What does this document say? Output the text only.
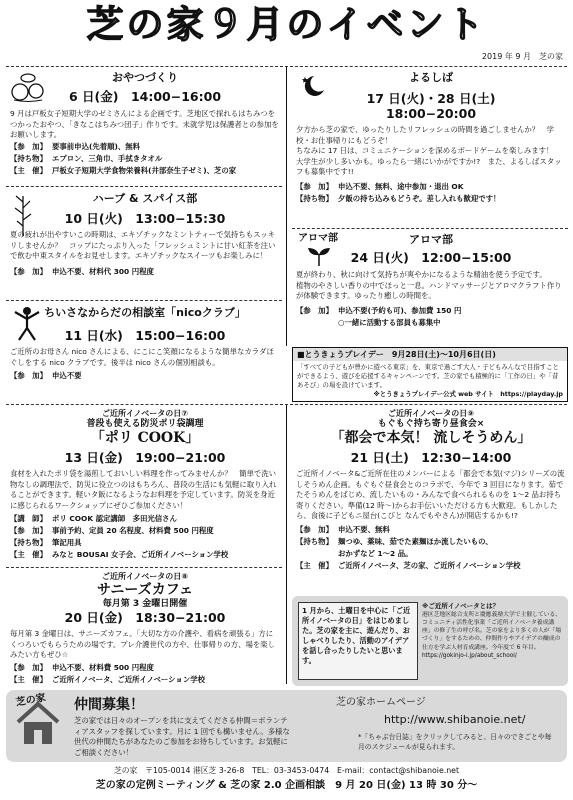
芝の家９月のイベント
2019 年 9 月　芝の家
おやつづくり
6 日(金)　14:00−16:00

9 月は戸板女子短期大学のゼミさんによる企画です。芝地区で採れるはちみつをつかったおやつ、「きなこはちみつ団子」作りです。未就学児は保護者との参加をお願いします。

【参　加】 要事前申込(先着順)、無料
【持ち物】 エプロン、三角巾、手拭きタオル
【主　催】 戸板女子短期大学食物栄養科(井部奈生子ゼミ)、芝の家
ハーブ & スパイス部
10 日(火)　13:00−15:30

夏の疲れが出やすいこの時期は、エキゾチックなミントティーで気持ちもスッキリしませんか？　コップにたっぷり入った「フレッシュミントに甘い紅茶を注いで飲む中東スタイルをお見せします。エキゾチックなスイーツもお楽しみに！

【参　加】 申込不要、材料代 300 円程度
ちいさなからだの相談室「nicoクラブ」
11 日(水)　15:00−16:00

ご近所のお母さん nico さんによる、にこにこ笑顔になるような簡単なカラダほぐしをする nico クラブです。後半は nico さんの個別相談も。

【参　加】 申込不要
よるしば
17 日(火)・28 日(土)
18:00−20:00

夕方から芝の家で、ゆったりしたリフレッシュの時間を過ごしませんか？　学校・お仕事帰りにもどうぞ！

ちなみに 17 日は、コミュニケーションを深めるボードゲームを楽しみます！　大学生が少し多いかも。ゆったら一緒にいかがですか!?　また、よるしばスタッフも募集中です!!

【参　加】 申込不要、無料、途中参加・退出 OK
【持ち物】 夕飯の持ち込みもどうぞ。差し入れも歓迎です！
アロマ部	アロマ部
24 日(火)　12:00−15:00

夏が終わり、秋に向けて気持ちが爽やかになるような精油を使う予定です。

植物のやさしい香りの中でほっと一息。ハンドマッサージとアロマクラフト作りが体験できます。ゆったり癒しの時間を。

【参　加】 申込不要(予約も可)、参加費 150 円
○一緒に活動する部員も募集中
■とうきょうプレイデー　9月28日(土)〜10月6日(日)

「すべての子どもが豊かに遊べる東京」を、東京で過ごす大人・子どもみんなで目指すことができるよう、遊びを応援するキャンペーンです。芝の家でも積極的に「工作の日」や「昔あそび」の場を設けています。

※とうきょうプレイデー公式 web サイト　https://playday.jp

ご近所イノベータの日⑦
普段も使える防災ポリ袋調理
「ポリ COOK」
13 日(金)　19:00−21:00

食材を入れたポリ袋を湯煎しておいしい料理を作ってみませんか？　簡単で洗い物なしの調理法で、防災に役立つのはもちろん、普段の生活にも気軽に取り入れることができます。軽いタ飯になるようなお料理を予定しています。防災を身近に感じられるワークショップにぜひご参加ください！

【講　師】 ポリ COOK 認定講師　多田光信さん
【参　加】 事前予約、定員 20 名程度、材料費 500 円程度
【持ち物】 筆記用具
【主　催】 みなと BOUSAI 女子会、ご近所イノベーション学校
ご近所イノベータの日⑧
サニーズカフェ
毎月第 3 金曜日開催
20 日(金)　18:30−21:00

毎月第 3 金曜日は、サニーズカフェ。「大切な方の介護や、看病を頑張る」方にくつろいでもらうための場です。プレ介護世代の方や、仕事帰りの方、場を楽しみたい方もぜひ☆

【参　加】 申込不要、材料費 500 円程度
【主　催】 ご近所イノベータ、ご近所イノベーション学校
ご近所イノベータの日⑨
もぐもぐ持ち寄り昼食会×
「都会で本気！ 流しそうめん」
21 日(土)　12:30−14:00

ご近所イノベータ&ご近所在住のメンバーによる「都会で本気(マジ)シリーズの流しそうめん企画。もぐもぐ昼食会とのコラボで、今年で 3 回目になります。茹でたそうめんをばじめ、流したいもの・みんなで食べられるものを 1〜2 品お持ち寄りください。準備(12 時〜)からお手伝いいただける方も大歓迎。もしかしたら、食後に子どもニ屋台(こびと なんでもやさん)が開店するかも!?

【参　加】 申込不要、無料
【持ち物】 麺つゆ、薬味、茹でた素麺ほか流したいもの、
おかずなど 1〜2 品。
【主　催】 ご近所イノベータ、芝の家、ご近所イノベーション学校
1 月から、土曜日を中心に「ご近所イノベータの日」をはじめました。芝の家を主に、遊んだり、おしゃべりしたり、活動のアイデアを話し合ったりしたいと思います。

※ご近所イノベータとは？

港区芝地区総合支所と慶應義塾大学で主催している、コミュニティ活性化事業「ご近所イノベータ養成講座」の修了生の呼び名。芝の家をより多くの人が「場づくり」をするための、仲間作りやアイデアの醸成の仕方を学ぶ人材育成講座。今年度で 6 年目。

https://gokinjo-i.jp/about_school/

芝の家 仲間募集！

芝の家では日々のオープンを共に支えてくださる仲間＝ボランティアスタッフを探しています。月に 1 回でも構いません。多様な世代の仲間たちがあなたのご参加をお待ちしています。お気軽にご相談ください！

芝の家ホームページ
http://www.shibanoie.net/

*「ちゃぶ台日誌」をクリックしてみると、日々のできごとや毎月のスケジュールが見られます。

芝の家　〒105-0014 港区芝 3-26-8　TEL：03-3453-0474　E-mail：contact@shibanoie.net
芝の家の定例ミーティング & 芝の家 2.0 企画相談　9 月 20 日(金) 13 時 30 分〜
